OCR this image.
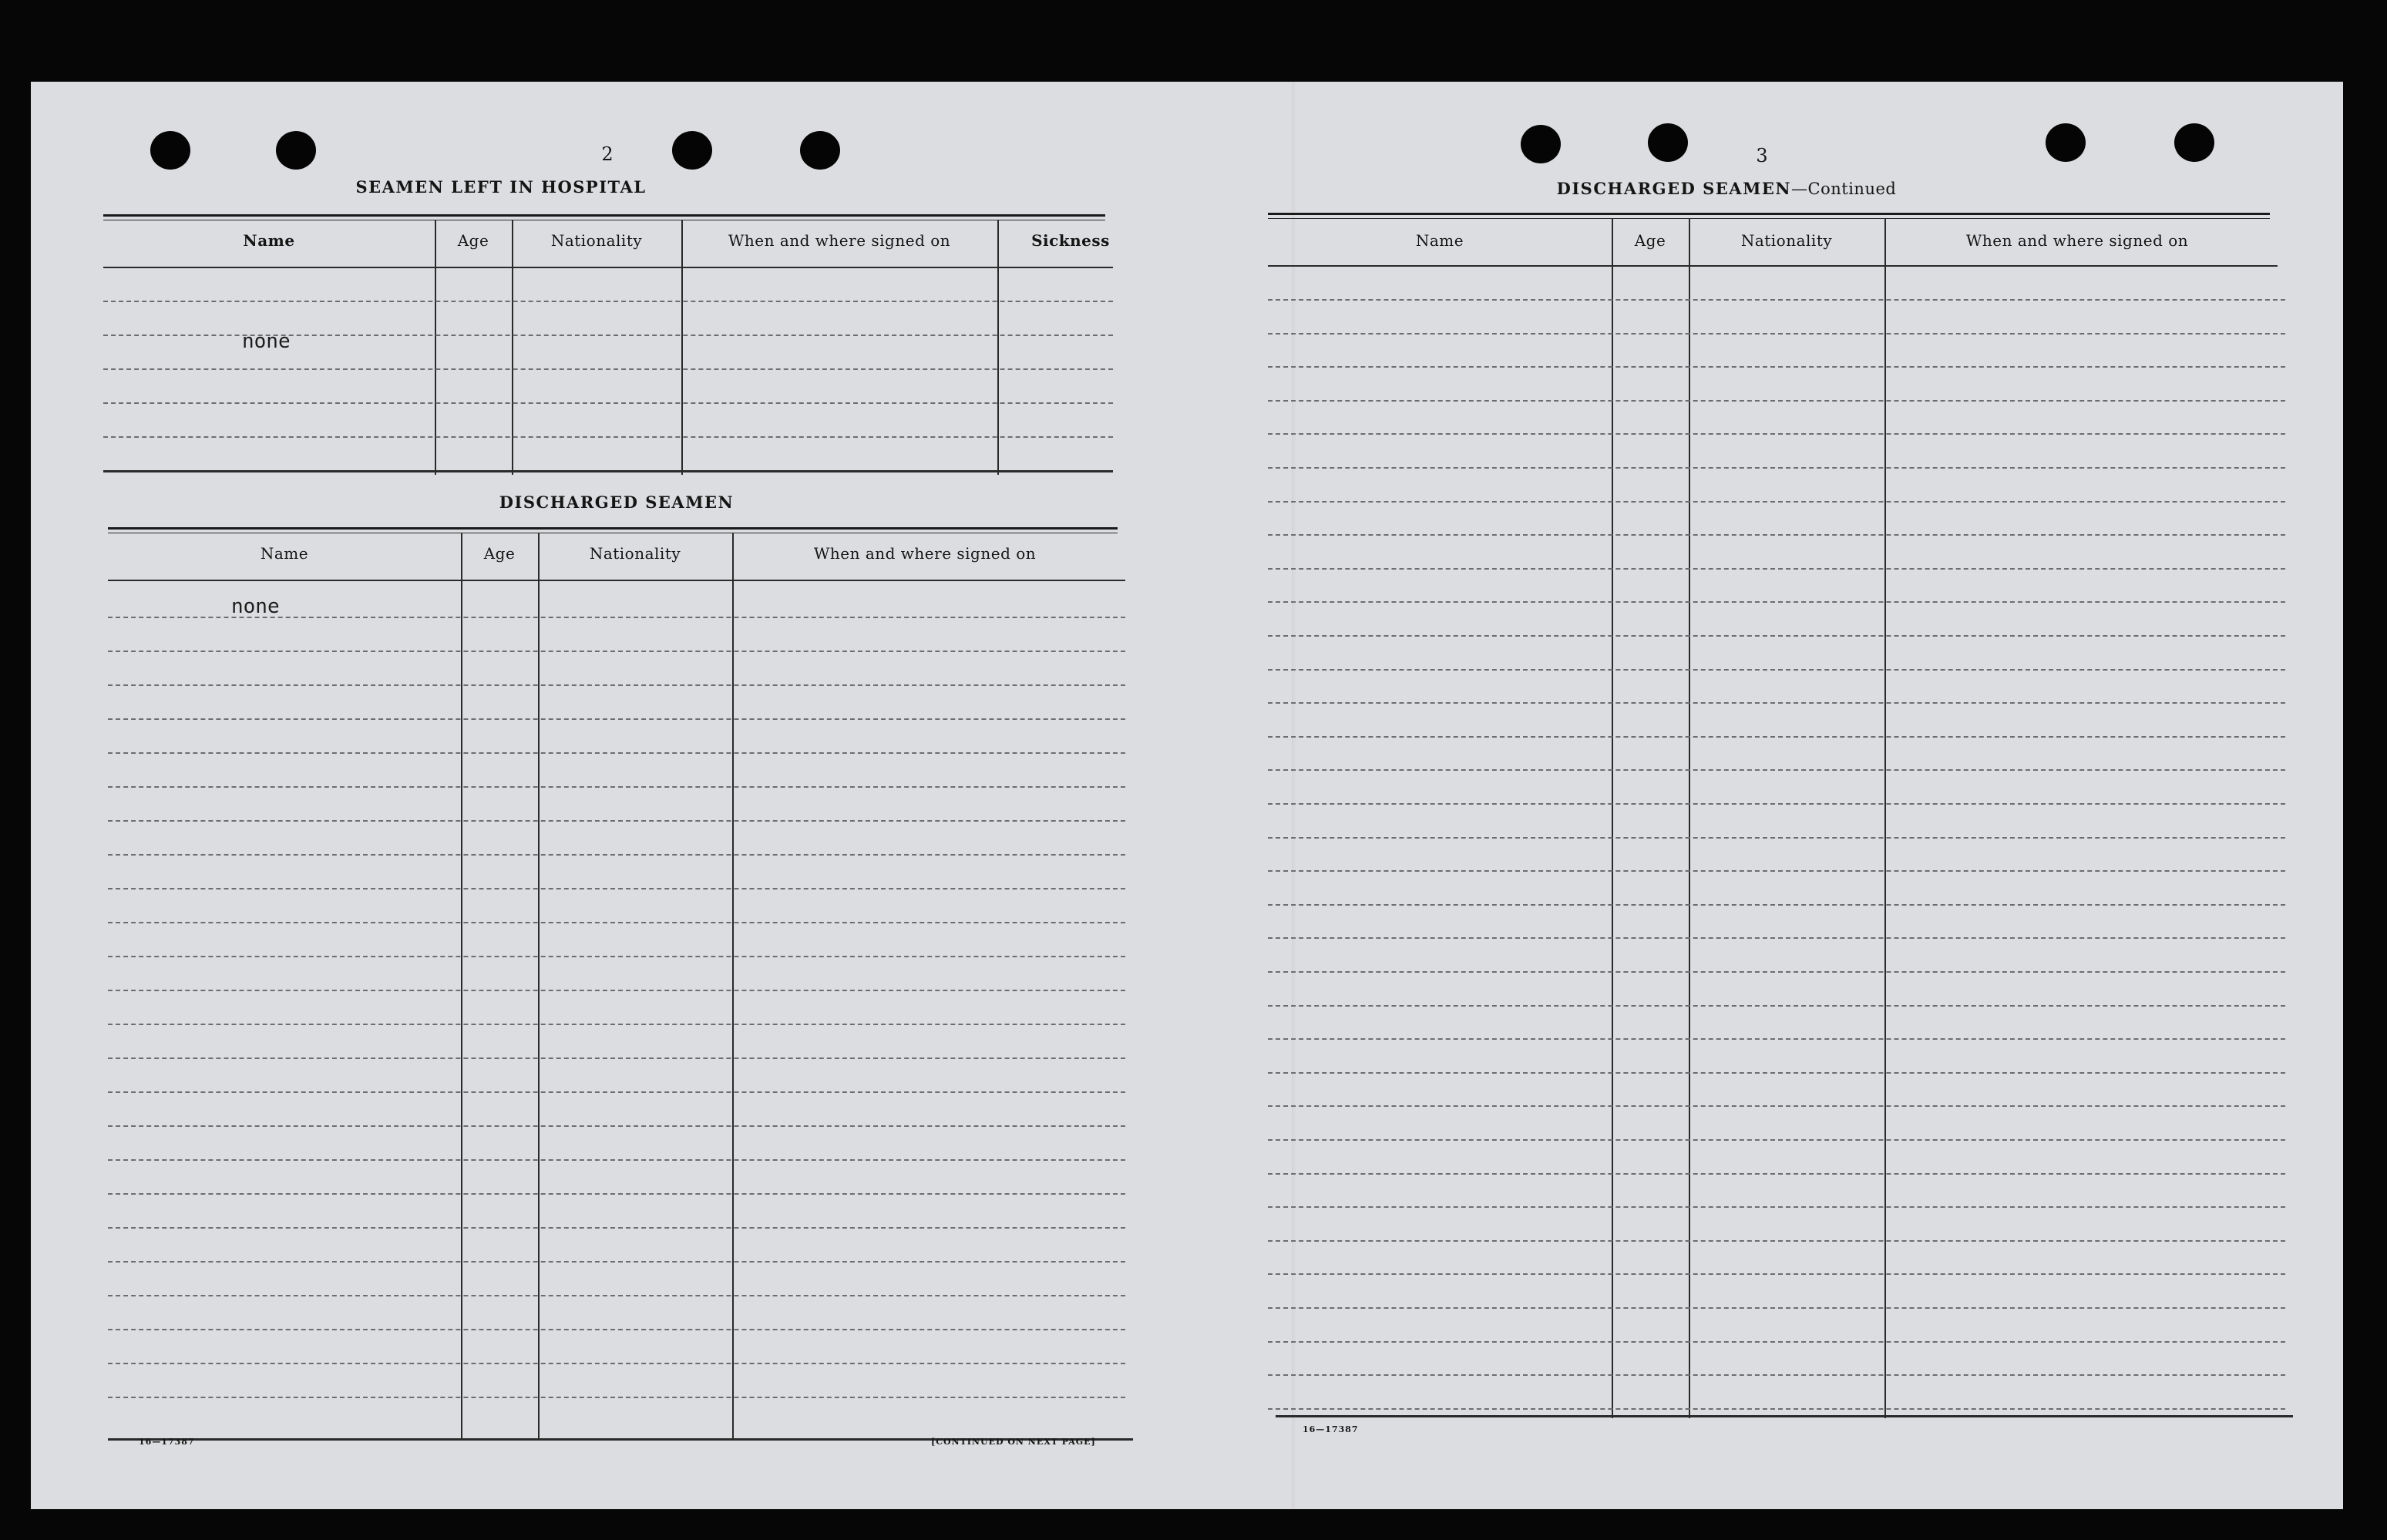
2
SEAMEN LEFT IN HOSPITAL
Name	Age	Nationality	When and where signed on	Sickness
none
DISCHARGED SEAMEN
Name	Age	Nationality	When and where signed on
none
16—17387	[CONTINUED ON NEXT PAGE]
3
DISCHARGED SEAMEN—Continued
Name	Age	Nationality	When and where signed on
16—17387
